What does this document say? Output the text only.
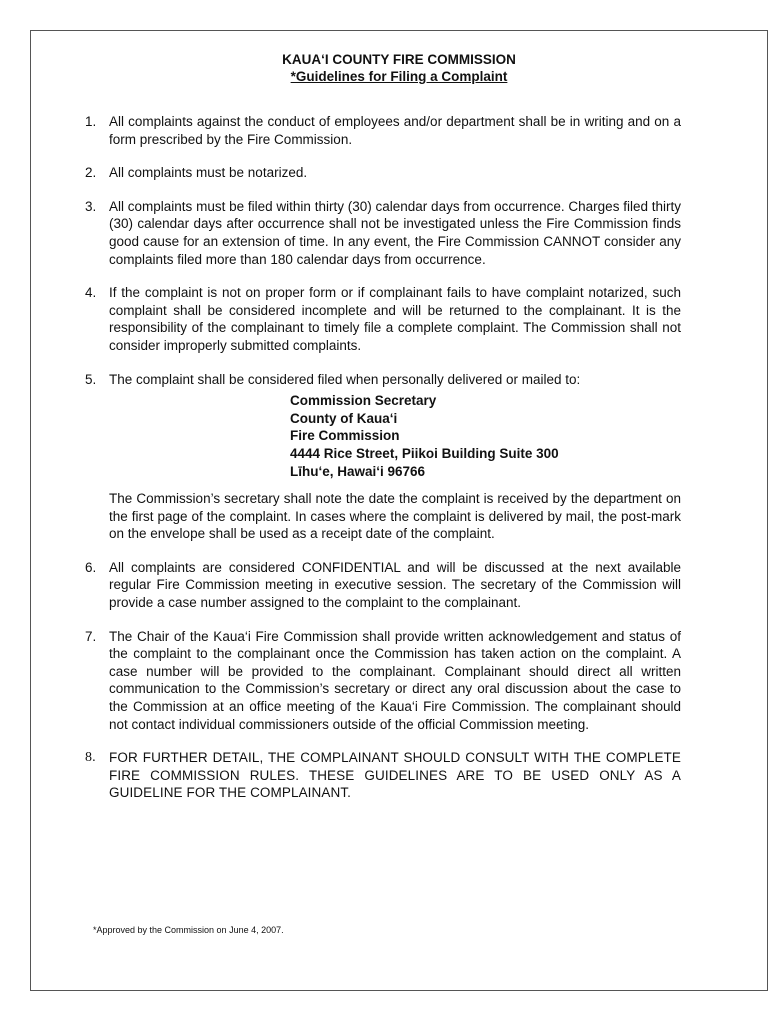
KAUA‘I COUNTY FIRE COMMISSION
*Guidelines for Filing a Complaint
1. All complaints against the conduct of employees and/or department shall be in writing and on a form prescribed by the Fire Commission.

2. All complaints must be notarized.

3. All complaints must be filed within thirty (30) calendar days from occurrence. Charges filed thirty (30) calendar days after occurrence shall not be investigated unless the Fire Commission finds good cause for an extension of time. In any event, the Fire Commission CANNOT consider any complaints filed more than 180 calendar days from occurrence.

4. If the complaint is not on proper form or if complainant fails to have complaint notarized, such complaint shall be considered incomplete and will be returned to the complainant. It is the responsibility of the complainant to timely file a complete complaint. The Commission shall not consider improperly submitted complaints.

5. The complaint shall be considered filed when personally delivered or mailed to:

Commission Secretary
County of Kaua‘i
Fire Commission
4444 Rice Street, Piikoi Building Suite 300
Līhu‘e, Hawai‘i 96766

The Commission’s secretary shall note the date the complaint is received by the department on the first page of the complaint. In cases where the complaint is delivered by mail, the post-mark on the envelope shall be used as a receipt date of the complaint.

6. All complaints are considered CONFIDENTIAL and will be discussed at the next available regular Fire Commission meeting in executive session. The secretary of the Commission will provide a case number assigned to the complaint to the complainant.

7. The Chair of the Kaua‘i Fire Commission shall provide written acknowledgement and status of the complaint to the complainant once the Commission has taken action on the complaint. A case number will be provided to the complainant. Complainant should direct all written communication to the Commission’s secretary or direct any oral discussion about the case to the Commission at an office meeting of the Kaua‘i Fire Commission. The complainant should not contact individual commissioners outside of the official Commission meeting.

8. FOR FURTHER DETAIL, THE COMPLAINANT SHOULD CONSULT WITH THE COMPLETE FIRE COMMISSION RULES. THESE GUIDELINES ARE TO BE USED ONLY AS A GUIDELINE FOR THE COMPLAINANT.

*Approved by the Commission on June 4, 2007.
